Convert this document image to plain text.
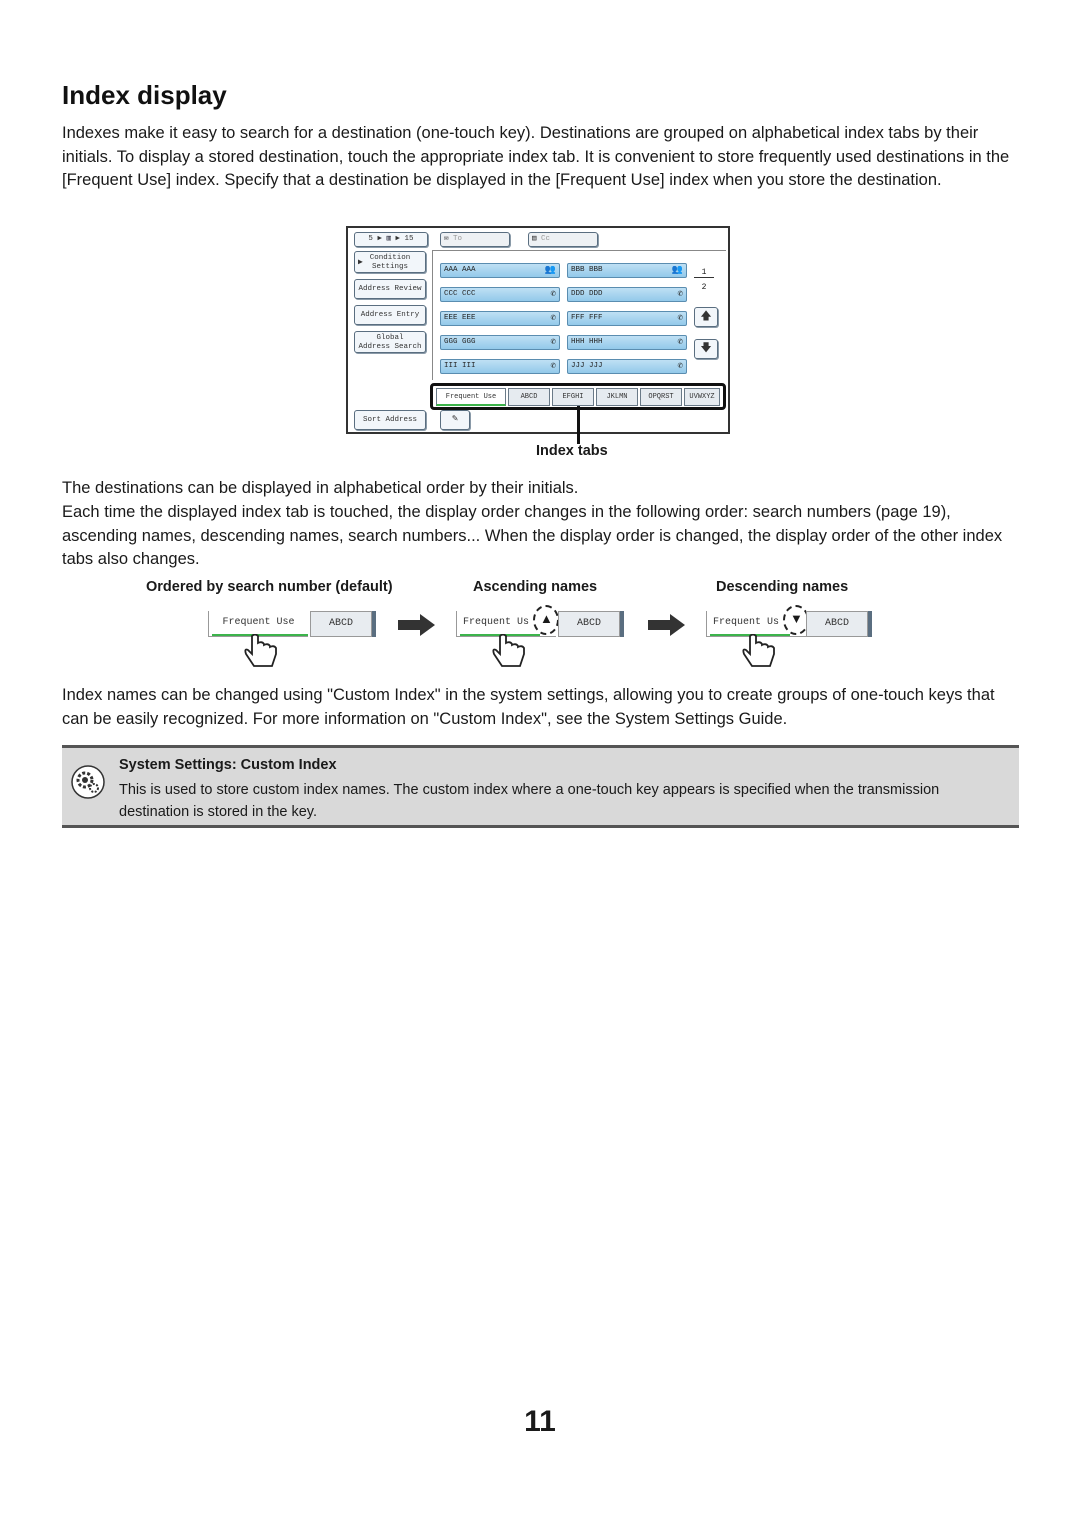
Index display

Indexes make it easy to search for a destination (one-touch key). Destinations are grouped on alphabetical index tabs by their initials. To display a stored destination, touch the appropriate index tab. It is convenient to store frequently used destinations in the [Frequent Use] index. Specify that a destination be displayed in the [Frequent Use] index when you store the destination.

5 ▶ ▥ ▶ 15	✉ To	▤ Cc
▶ Condition
Settings
Address Review
Address Entry
Global
Address Search
Sort Address	✎
AAA AAA	👥	BBB BBB	👥
CCC CCC	✆	DDD DDD	✆
EEE EEE	✆	FFF FFF	✆
GGG GGG	✆	HHH HHH	✆
III III	✆	JJJ JJJ	✆
1
2
🡅
🡇
Frequent Use	ABCD	EFGHI	JKLMN	OPQRST	UVWXYZ
Index tabs

The destinations can be displayed in alphabetical order by their initials.

Each time the displayed index tab is touched, the display order changes in the following order: search numbers (page 19), ascending names, descending names, search numbers... When the display order is changed, the display order of the other index tabs also changes.

Ordered by search number (default)	Ascending names	Descending names
Frequent Use	ABCD	Frequent Us ▲	ABCD	Frequent Us ▼	ABCD

Index names can be changed using "Custom Index" in the system settings, allowing you to create groups of one-touch keys that can be easily recognized. For more information on "Custom Index", see the System Settings Guide.

System Settings: Custom Index
This is used to store custom index names. The custom index where a one-touch key appears is specified when the transmission destination is stored in the key.
11
